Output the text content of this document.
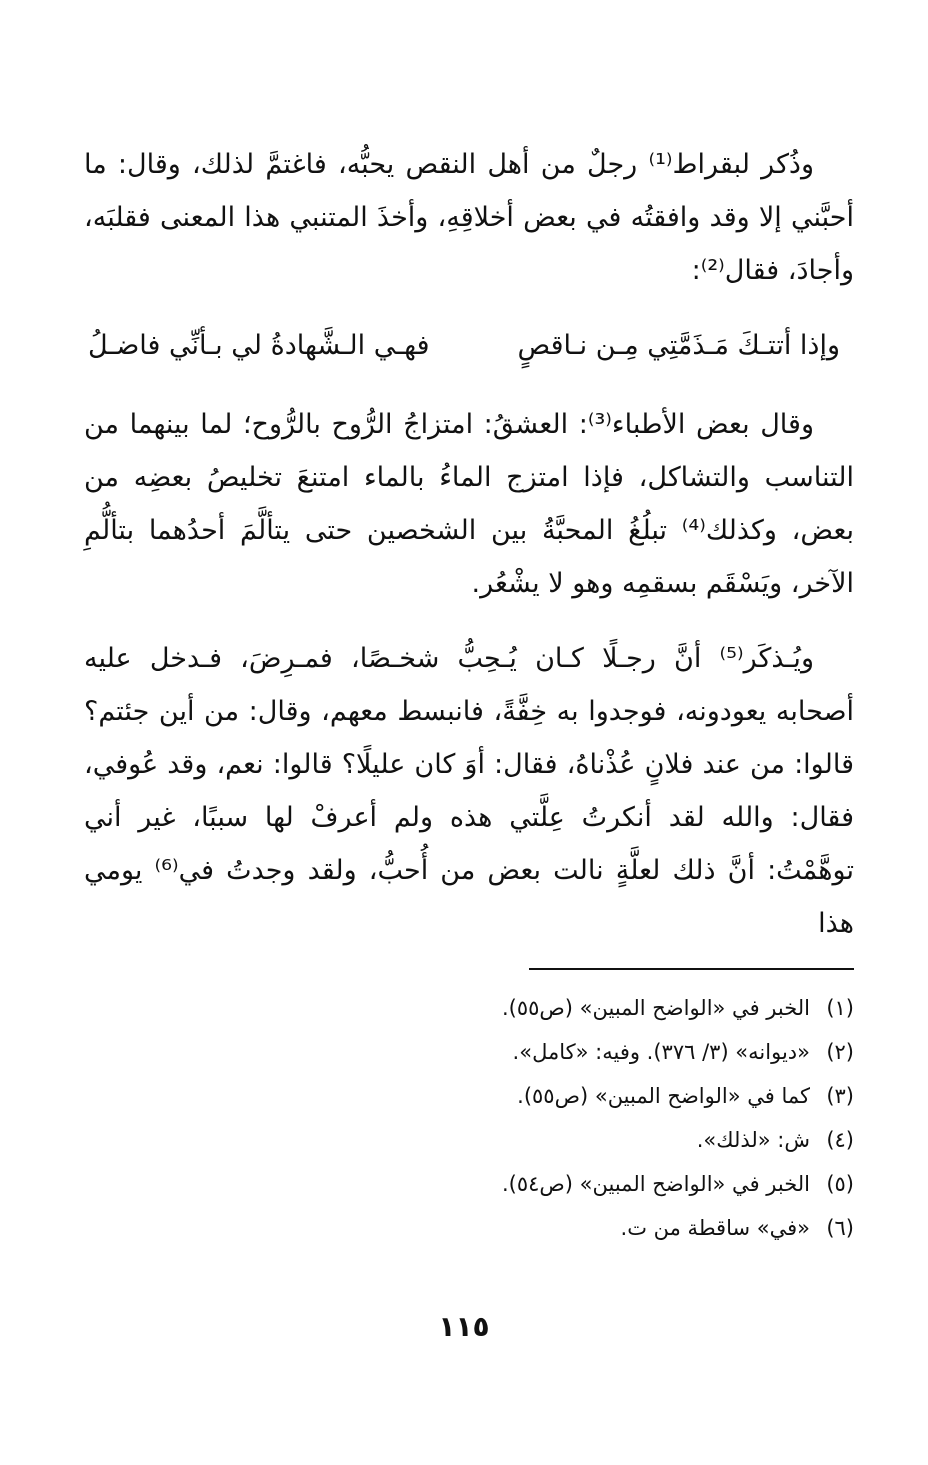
وذُكر لبقراط⁽¹⁾ رجلٌ من أهل النقص يحبُّه، فاغتمَّ لذلك، وقال: ما أحبَّني إلا وقد وافقتُه في بعض أخلاقِهِ، وأخذَ المتنبي هذا المعنى فقلبَه، وأجادَ، فقال⁽²⁾:

وإذا أتتـكَ مَـذَمَّتِي مِـن نـاقصٍ
فهـي الـشَّهادةُ لي بـأنِّي فاضـلُ

وقال بعض الأطباء⁽³⁾: العشقُ: امتزاجُ الرُّوح بالرُّوح؛ لما بينهما من التناسب والتشاكل، فإذا امتزج الماءُ بالماء امتنعَ تخليصُ بعضِه من بعض، وكذلك⁽⁴⁾ تبلُغُ المحبَّةُ بين الشخصين حتى يتألَّمَ أحدُهما بتألُّمِ الآخر، ويَسْقَم بسقمِه وهو لا يشْعُر.

ويُـذكَر⁽⁵⁾ أنَّ رجـلًا كـان يُـحِبُّ شخـصًا، فمـرِضَ، فـدخل عليه أصحابه يعودونه، فوجدوا به خِفَّةً، فانبسط معهم، وقال: من أين جئتم؟ قالوا: من عند فلانٍ عُذْناهُ، فقال: أوَ كان عليلًا؟ قالوا: نعم، وقد عُوفي، فقال: والله لقد أنكرتُ عِلَّتي هذه ولم أعرفْ لها سببًا، غير أني توهَّمْتُ: أنَّ ذلك لعلَّةٍ نالت بعض من أُحبُّ، ولقد وجدتُ في⁽⁶⁾ يومي هذا

(١)
الخبر في «الواضح المبين» (ص٥٥).
(٢)
«ديوانه» (٣/ ٣٧٦). وفيه: «كامل».
(٣)
كما في «الواضح المبين» (ص٥٥).
(٤)
ش: «لذلك».
(٥)
الخبر في «الواضح المبين» (ص٥٤).
(٦)
«في» ساقطة من ت.
١١٥
